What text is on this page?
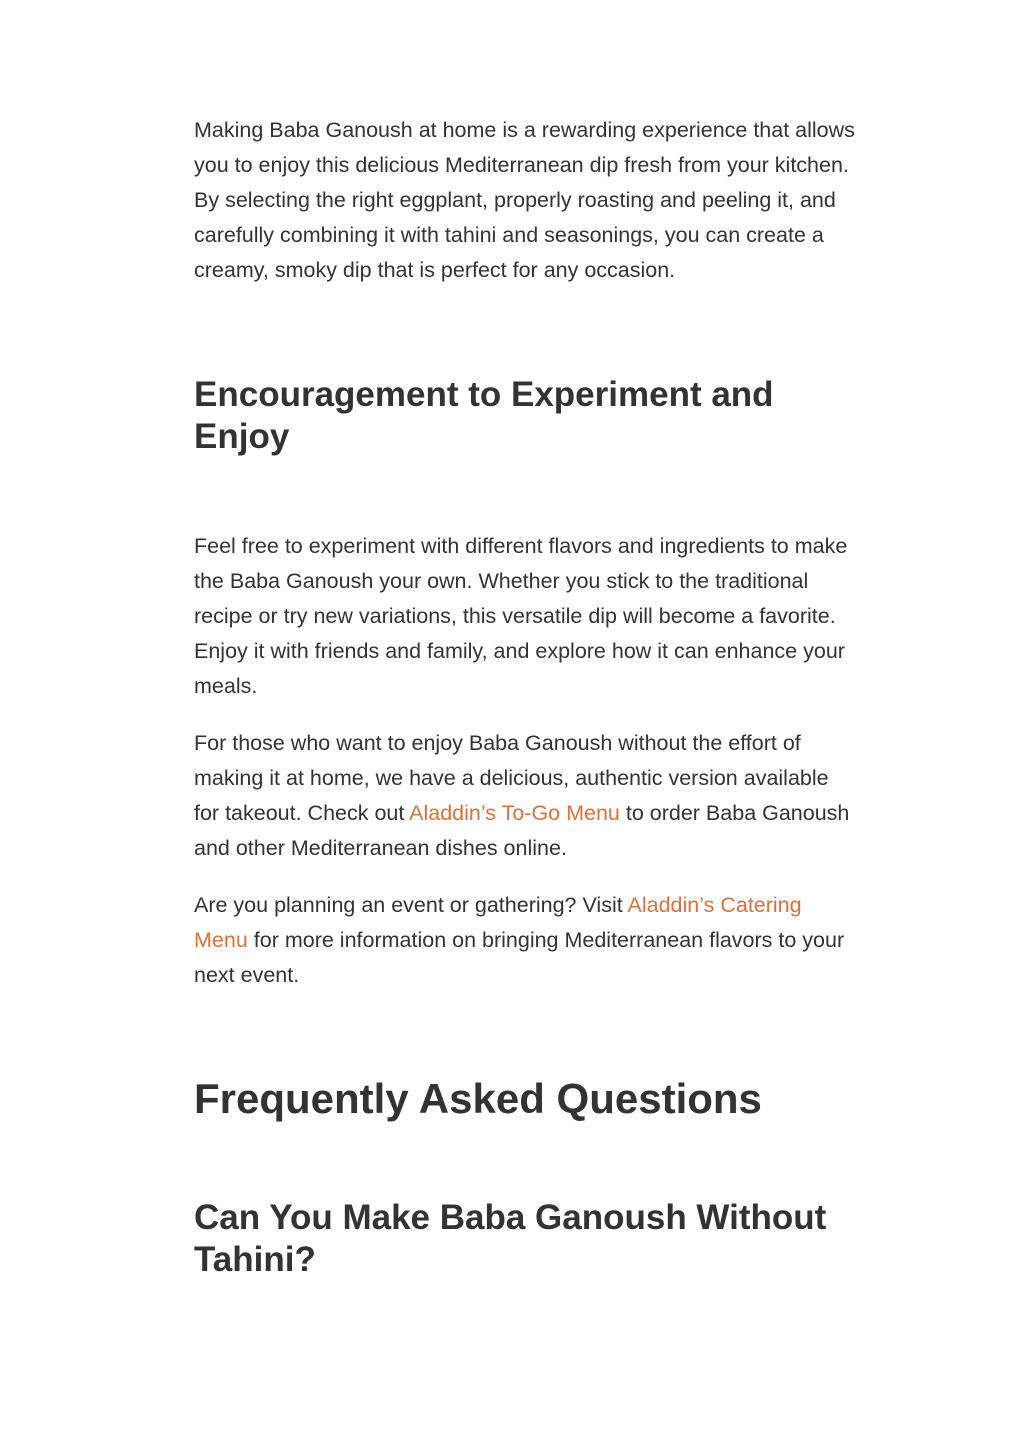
Making Baba Ganoush at home is a rewarding experience that allows you to enjoy this delicious Mediterranean dip fresh from your kitchen. By selecting the right eggplant, properly roasting and peeling it, and carefully combining it with tahini and seasonings, you can create a creamy, smoky dip that is perfect for any occasion.

Encouragement to Experiment and Enjoy

Feel free to experiment with different flavors and ingredients to make the Baba Ganoush your own. Whether you stick to the traditional recipe or try new variations, this versatile dip will become a favorite. Enjoy it with friends and family, and explore how it can enhance your meals.

For those who want to enjoy Baba Ganoush without the effort of making it at home, we have a delicious, authentic version available for takeout. Check out Aladdin’s To-Go Menu to order Baba Ganoush and other Mediterranean dishes online.

Are you planning an event or gathering? Visit Aladdin’s Catering Menu for more information on bringing Mediterranean flavors to your next event.

Frequently Asked Questions
Can You Make Baba Ganoush Without Tahini?
